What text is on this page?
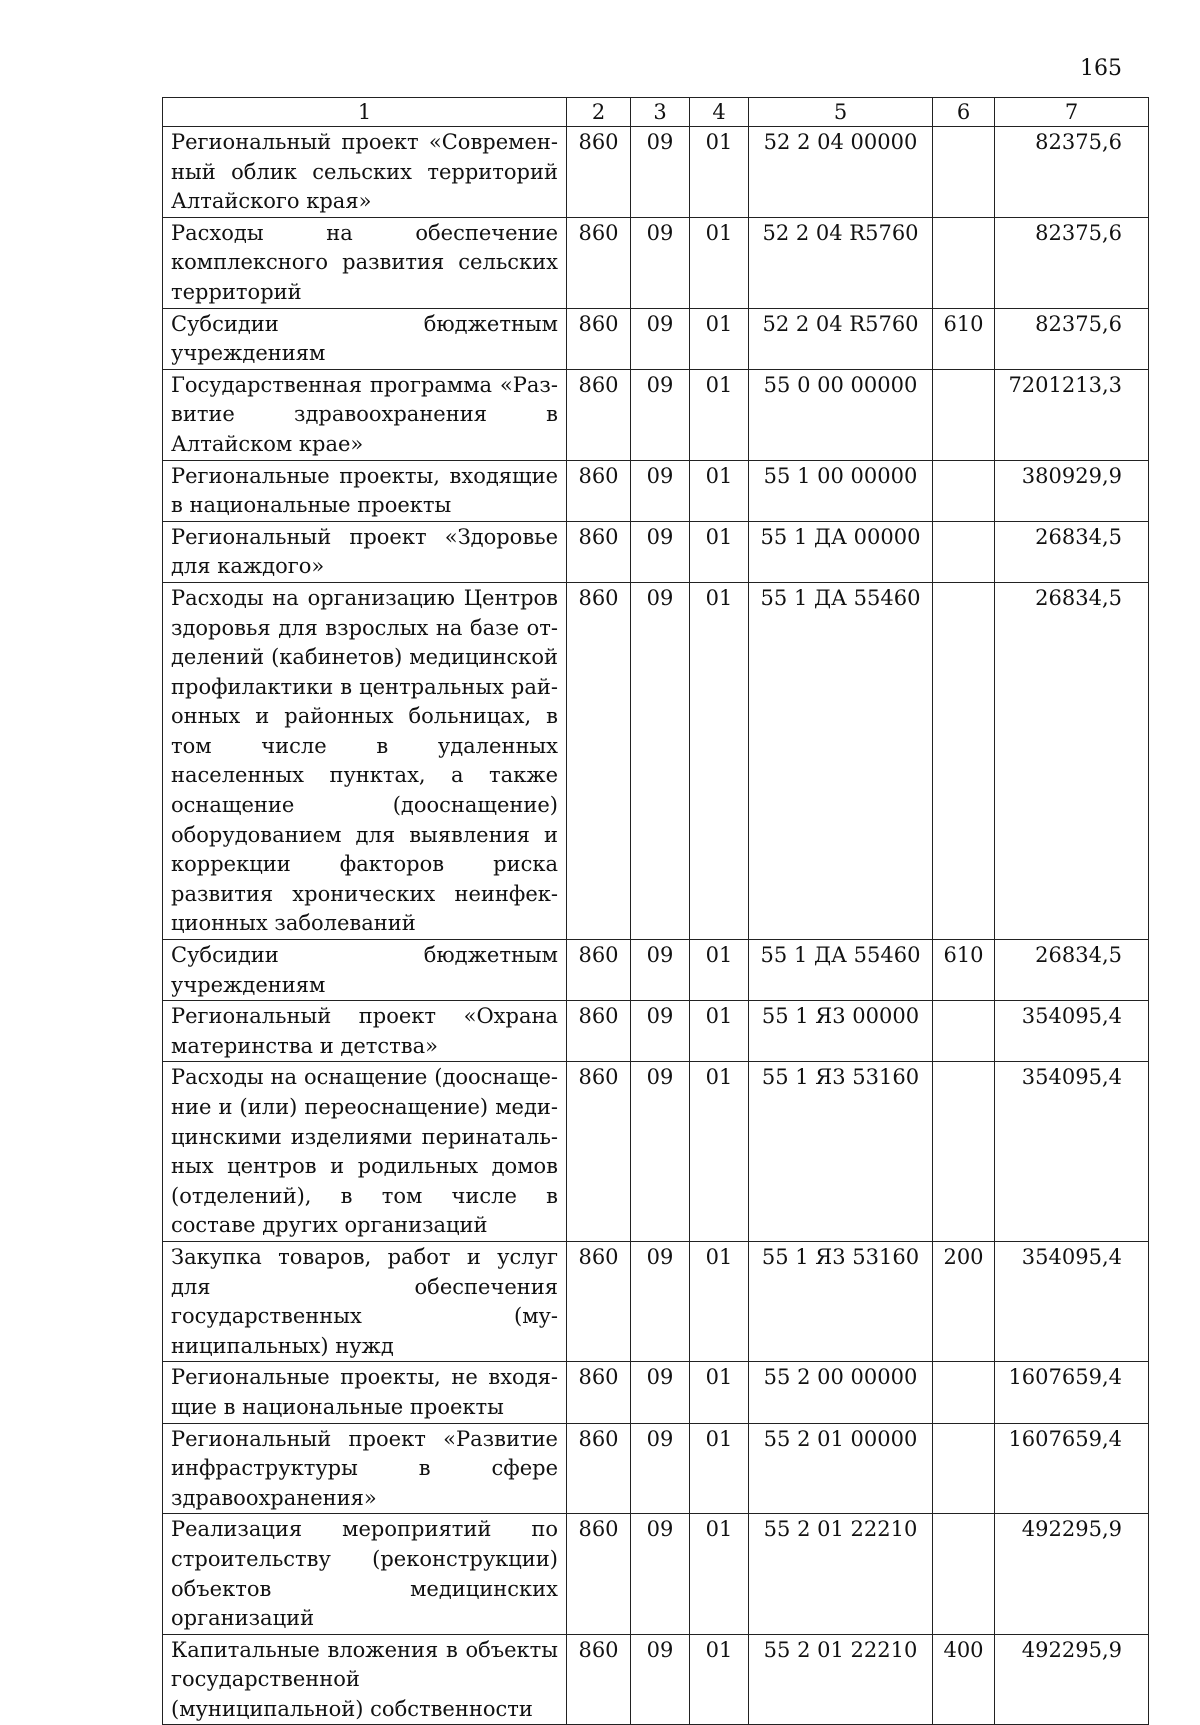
165
1	2	3	4	5	6	7
Региональный проект «Современный облик сельских территорий Алтайского края»	860	09	01	52 2 04 00000		82375,6
Расходы на обеспечение комплексного развития сельских территорий	860	09	01	52 2 04 R5760		82375,6
Субсидии бюджетным учреждениям	860	09	01	52 2 04 R5760	610	82375,6
Государственная программа «Развитие здравоохранения в Алтайском крае»	860	09	01	55 0 00 00000		7201213,3
Региональные проекты, входящие в национальные проекты	860	09	01	55 1 00 00000		380929,9
Региональный проект «Здоровье для каждого»	860	09	01	55 1 ДА 00000		26834,5
Расходы на организацию Центров здоровья для взрослых на базе отделений (кабинетов) медицинской профилактики в центральных районных и районных больницах, в том числе в удаленных населенных пунктах, а также оснащение (дооснащение) оборудованием для выявления и коррекции факторов риска развития хронических неинфекционных заболеваний	860	09	01	55 1 ДА 55460		26834,5
Субсидии бюджетным учреждениям	860	09	01	55 1 ДА 55460	610	26834,5
Региональный проект «Охрана материнства и детства»	860	09	01	55 1 Я3 00000		354095,4
Расходы на оснащение (дооснащение и (или) переоснащение) медицинскими изделиями перинатальных центров и родильных домов (отделений), в том числе в составе других организаций	860	09	01	55 1 Я3 53160		354095,4
Закупка товаров, работ и услуг для обеспечения государственных (муниципальных) нужд	860	09	01	55 1 Я3 53160	200	354095,4
Региональные проекты, не входящие в национальные проекты	860	09	01	55 2 00 00000		1607659,4
Региональный проект «Развитие инфраструктуры в сфере здравоохранения»	860	09	01	55 2 01 00000		1607659,4
Реализация мероприятий по строительству (реконструкции) объектов медицинских организаций	860	09	01	55 2 01 22210		492295,9
Капитальные вложения в объекты государственной (муниципальной) собственности	860	09	01	55 2 01 22210	400	492295,9
